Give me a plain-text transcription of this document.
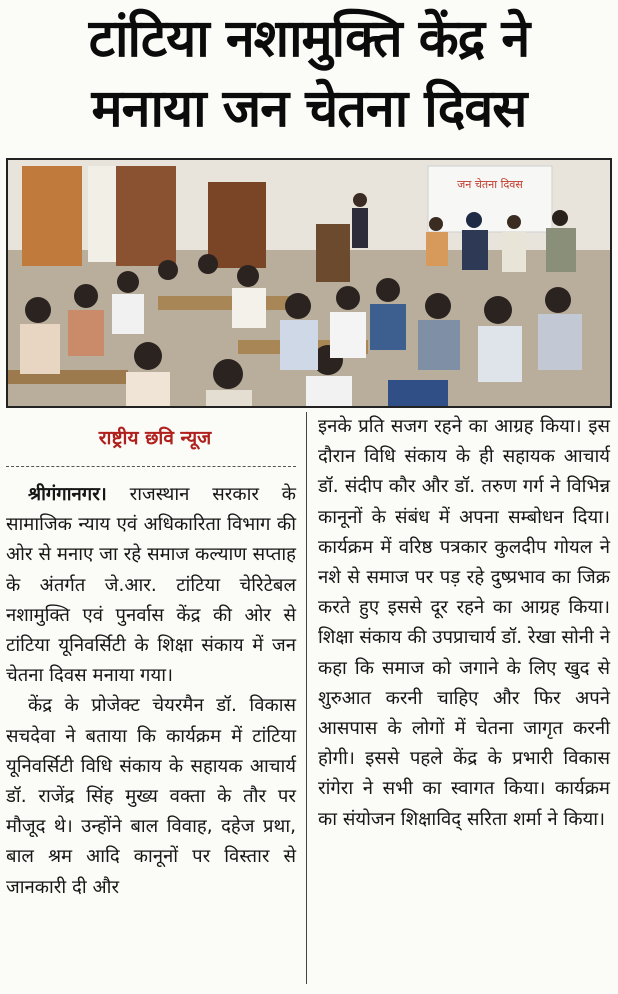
टांटिया नशामुक्ति केंद्र ने
मनाया जन चेतना दिवस
जन चेतना दिवस
राष्ट्रीय छवि न्यूज

श्रीगंगानगर। राजस्थान सरकार के सामाजिक न्याय एवं अधिकारिता विभाग की ओर से मनाए जा रहे समाज कल्याण सप्ताह के अंतर्गत जे.आर. टांटिया चेरिटेबल नशामुक्ति एवं पुनर्वास केंद्र की ओर से टांटिया यूनिवर्सिटी के शिक्षा संकाय में जन चेतना दिवस मनाया गया।

केंद्र के प्रोजेक्ट चेयरमैन डॉ. विकास सचदेवा ने बताया कि कार्यक्रम में टांटिया यूनिवर्सिटी विधि संकाय के सहायक आचार्य डॉ. राजेंद्र सिंह मुख्य वक्ता के तौर पर मौजूद थे। उन्होंने बाल विवाह, दहेज प्रथा, बाल श्रम आदि कानूनों पर विस्तार से जानकारी दी और

इनके प्रति सजग रहने का आग्रह किया। इस दौरान विधि संकाय के ही सहायक आचार्य डॉ. संदीप कौर और डॉ. तरुण गर्ग ने विभिन्न कानूनों के संबंध में अपना सम्बोधन दिया। कार्यक्रम में वरिष्ठ पत्रकार कुलदीप गोयल ने नशे से समाज पर पड़ रहे दुष्प्रभाव का जिक्र करते हुए इससे दूर रहने का आग्रह किया। शिक्षा संकाय की उपप्राचार्य डॉ. रेखा सोनी ने कहा कि समाज को जगाने के लिए खुद से शुरुआत करनी चाहिए और फिर अपने आसपास के लोगों में चेतना जागृत करनी होगी। इससे पहले केंद्र के प्रभारी विकास रांगेरा ने सभी का स्वागत किया। कार्यक्रम का संयोजन शिक्षाविद् सरिता शर्मा ने किया।
